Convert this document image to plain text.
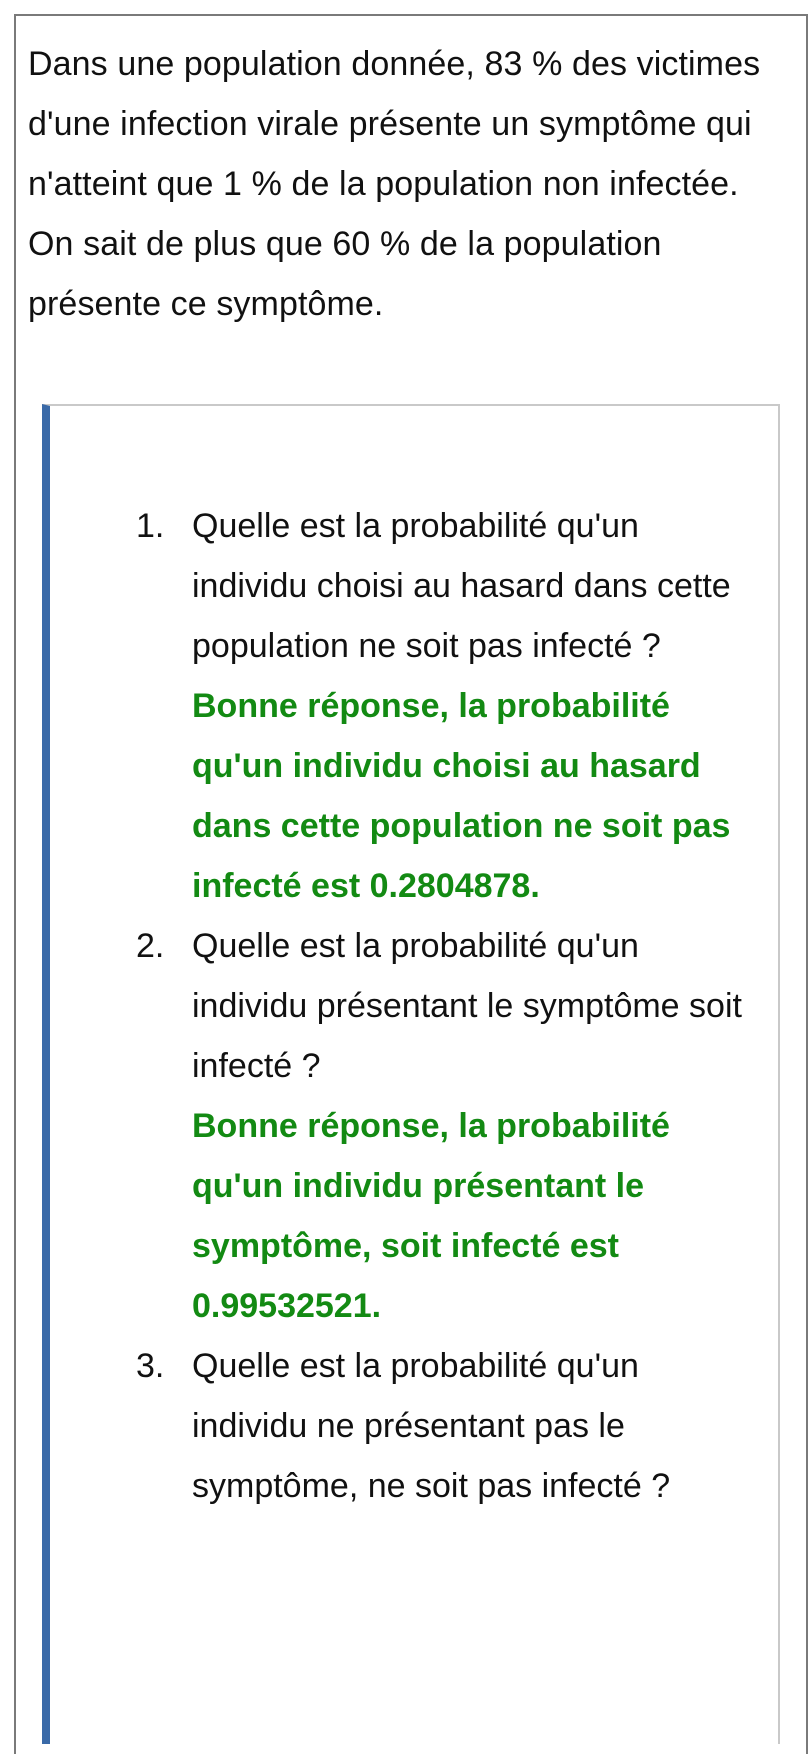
Dans une population donnée, 83 % des victimes d'une infection virale présente un symptôme qui n'atteint que 1 % de la population non infectée. On sait de plus que 60 % de la population présente ce symptôme.

1. Quelle est la probabilité qu'un individu choisi au hasard dans cette population ne soit pas infecté ?
Bonne réponse, la probabilité qu'un individu choisi au hasard dans cette population ne soit pas infecté est 0.2804878.
2. Quelle est la probabilité qu'un individu présentant le symptôme soit infecté ?
Bonne réponse, la probabilité qu'un individu présentant le symptôme, soit infecté est 0.99532521.
3. Quelle est la probabilité qu'un individu ne présentant pas le symptôme, ne soit pas infecté ?
